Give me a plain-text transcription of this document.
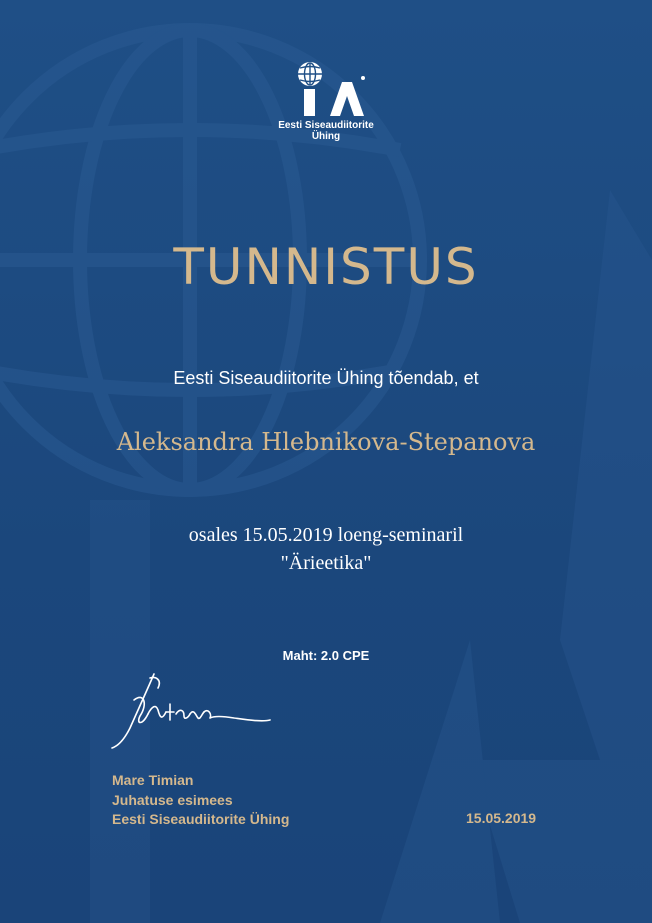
Eesti Siseaudiitorite
Ühing
TUNNISTUS
Eesti Siseaudiitorite Ühing tõendab, et
Aleksandra Hlebnikova-Stepanova
osales 15.05.2019 loeng-seminaril
"Ärieetika"
Maht: 2.0 CPE
Mare Timian
Juhatuse esimees
Eesti Siseaudiitorite Ühing	15.05.2019
